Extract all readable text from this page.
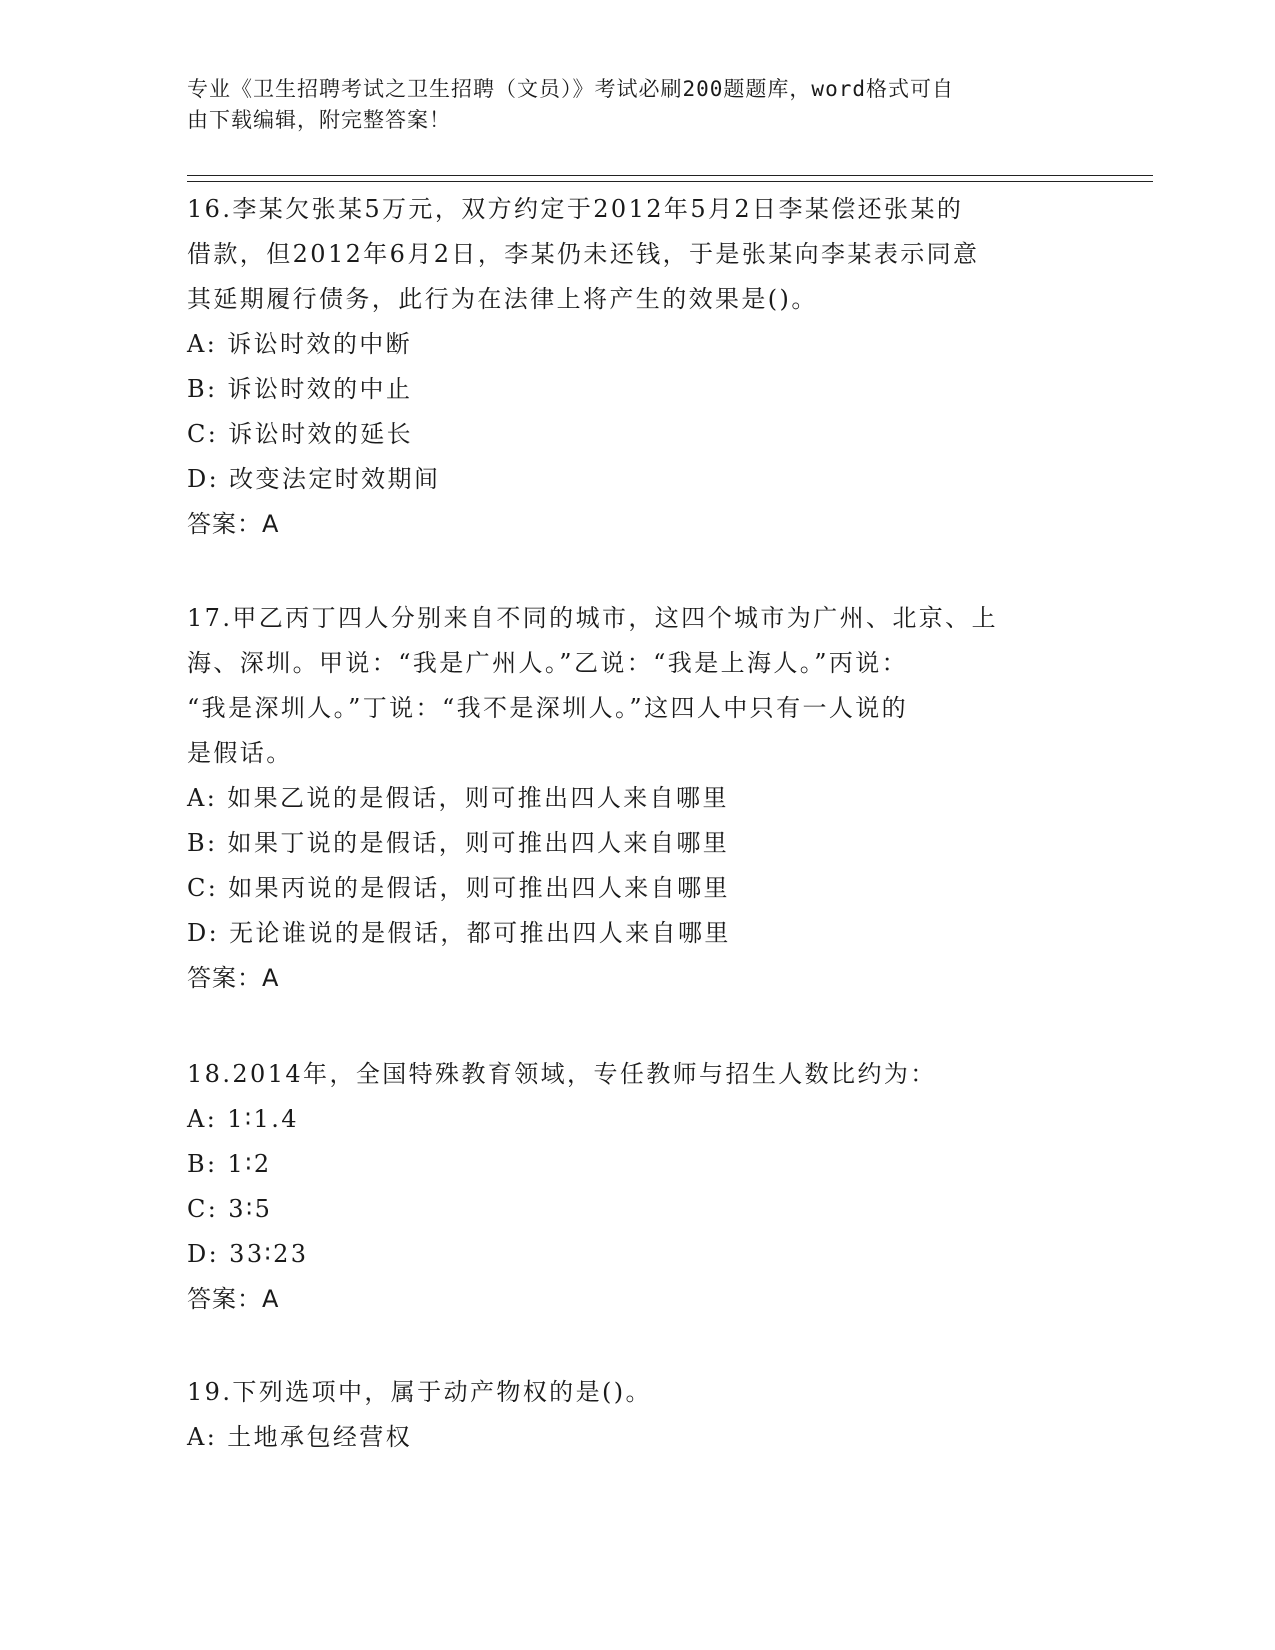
专业《卫生招聘考试之卫生招聘（文员）》考试必刷200题题库，word格式可自
由下载编辑，附完整答案！
16.李某欠张某5万元，双方约定于2012年5月2日李某偿还张某的
借款，但2012年6月2日，李某仍未还钱，于是张某向李某表示同意
其延期履行债务，此行为在法律上将产生的效果是()。
A: 诉讼时效的中断
B: 诉讼时效的中止
C: 诉讼时效的延长
D: 改变法定时效期间
答案：A
17.甲乙丙丁四人分别来自不同的城市，这四个城市为广州、北京、上
海、深圳。甲说：“我是广州人。”乙说：“我是上海人。”丙说：
“我是深圳人。”丁说：“我不是深圳人。”这四人中只有一人说的
是假话。
A: 如果乙说的是假话，则可推出四人来自哪里
B: 如果丁说的是假话，则可推出四人来自哪里
C: 如果丙说的是假话，则可推出四人来自哪里
D: 无论谁说的是假话，都可推出四人来自哪里
答案：A
18.2014年，全国特殊教育领域，专任教师与招生人数比约为：
A: 1∶1.4
B: 1∶2
C: 3∶5
D: 33∶23
答案：A
19.下列选项中，属于动产物权的是()。
A: 土地承包经营权
